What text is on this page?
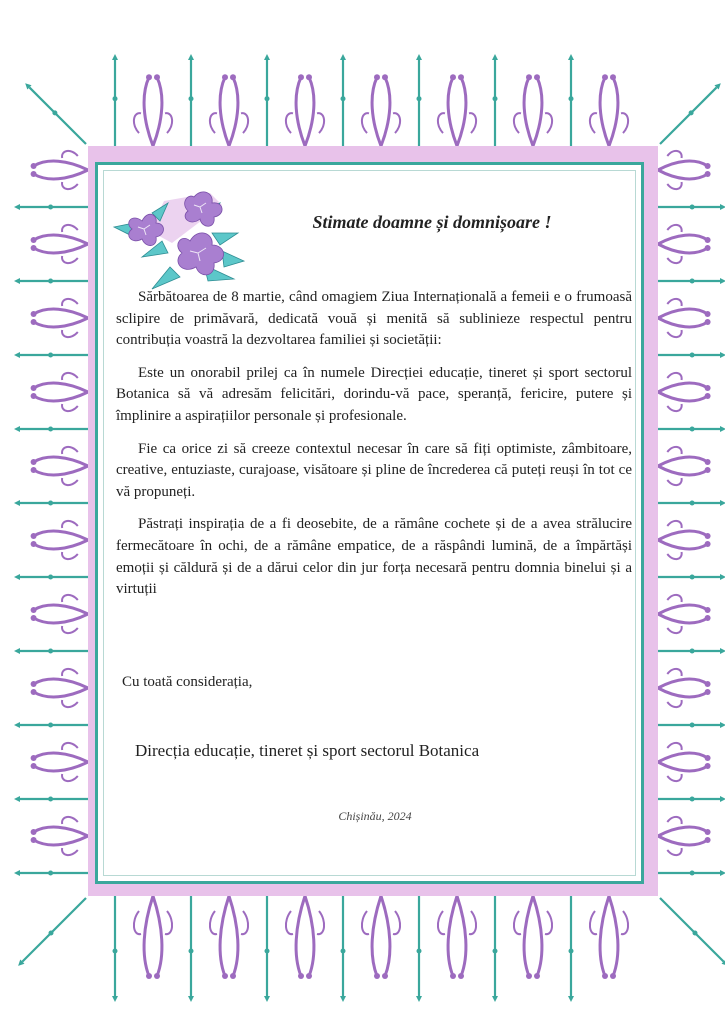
Stimate doamne și domnișoare !

Sărbătoarea de 8 martie, când omagiem Ziua Internațională a femeii e o frumoasă sclipire de primăvară, dedicată vouă și menită să sublinieze respectul pentru contribuția voastră la dezvoltarea familiei și societății:

Este un onorabil prilej ca în numele Direcției educație, tineret și sport sectorul Botanica să vă adresăm felicitări, dorindu-vă pace, speranță, fericire, putere și împlinire a aspirațiilor personale și profesionale.

Fie ca orice zi să creeze contextul necesar în care să fiți optimiste, zâmbitoare, creative, entuziaste, curajoase, visătoare și pline de încrederea că puteți reuși în tot ce vă propuneți.

Păstrați inspirația de a fi deosebite, de a rămâne cochete și de a avea strălucire fermecătoare în ochi, de a rămâne empatice, de a răspândi lumină, de a împărtăși emoții și căldură și de a dărui celor din jur forța necesară pentru domnia binelui și a virtuții

Cu toată considerația,
Direcția educație, tineret și sport sectorul Botanica
Chișinău, 2024
